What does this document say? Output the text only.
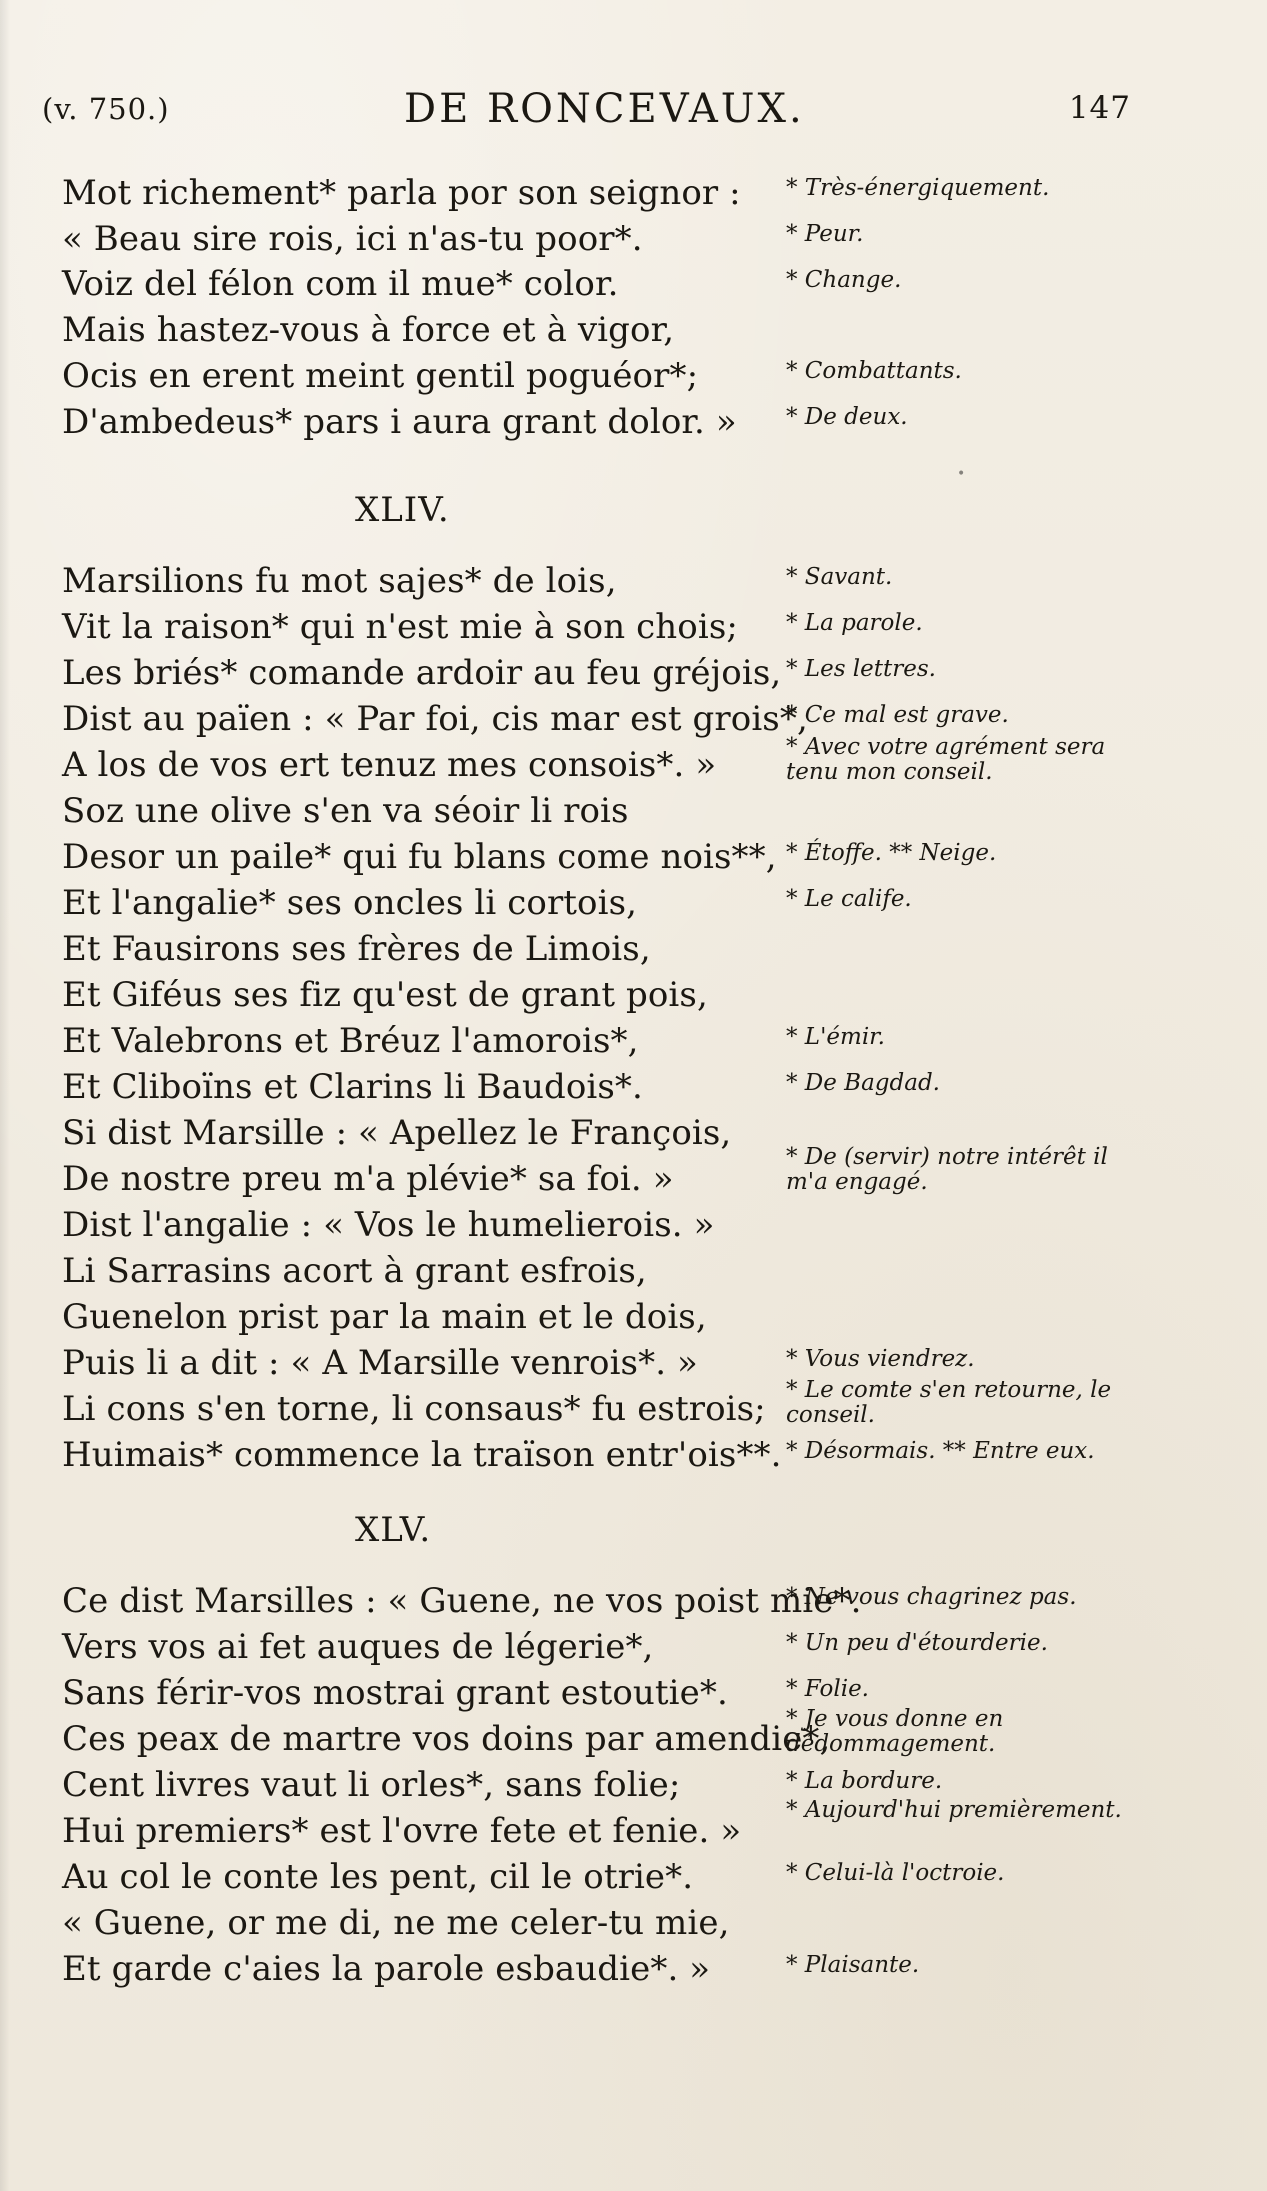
(v. 750.)	DE RONCEVAUX.	147
Mot richement* parla por son seignor :
« Beau sire rois, ici n'as-tu poor*.
Voiz del félon com il mue* color.
Mais hastez-vous à force et à vigor,
Ocis en erent meint gentil poguéor*;
D'ambedeus* pars i aura grant dolor. »
* Très-énergiquement.
* Peur.
* Change.
* Combattants.
* De deux.
XLIV.
Marsilions fu mot sajes* de lois,
Vit la raison* qui n'est mie à son chois;
Les briés* comande ardoir au feu gréjois,
Dist au païen : « Par foi, cis mar est grois*,
A los de vos ert tenuz mes consois*. »
Soz une olive s'en va séoir li rois
Desor un paile* qui fu blans come nois**,
Et l'angalie* ses oncles li cortois,
Et Fausirons ses frères de Limois,
Et Giféus ses fiz qu'est de grant pois,
Et Valebrons et Bréuz l'amorois*,
Et Cliboïns et Clarins li Baudois*.
Si dist Marsille : « Apellez le François,
De nostre preu m'a plévie* sa foi. »
Dist l'angalie : « Vos le humelierois. »
Li Sarrasins acort à grant esfrois,
Guenelon prist par la main et le dois,
Puis li a dit : « A Marsille venrois*. »
Li cons s'en torne, li consaus* fu estrois;
Huimais* commence la traïson entr'ois**.
* Savant.
* La parole.
* Les lettres.
* Ce mal est grave.
* Avec votre agrément sera tenu mon conseil.
* Étoffe. ** Neige.
* Le calife.
* L'émir.
* De Bagdad.
* De (servir) notre intérêt il m'a engagé.
* Vous viendrez.
* Le comte s'en retourne, le conseil.
* Désormais. ** Entre eux.
XLV.
Ce dist Marsilles : « Guene, ne vos poist mie*.
Vers vos ai fet auques de légerie*,
Sans férir-vos mostrai grant estoutie*.
Ces peax de martre vos doins par amendie*,
Cent livres vaut li orles*, sans folie;
Hui premiers* est l'ovre fete et fenie. »
Au col le conte les pent, cil le otrie*.
« Guene, or me di, ne me celer-tu mie,
Et garde c'aies la parole esbaudie*. »
* Ne vous chagrinez pas.
* Un peu d'étourderie.
* Folie.
* Je vous donne en dédommagement.
* La bordure.
* Aujourd'hui premièrement.
* Celui-là l'octroie.
* Plaisante.
•
